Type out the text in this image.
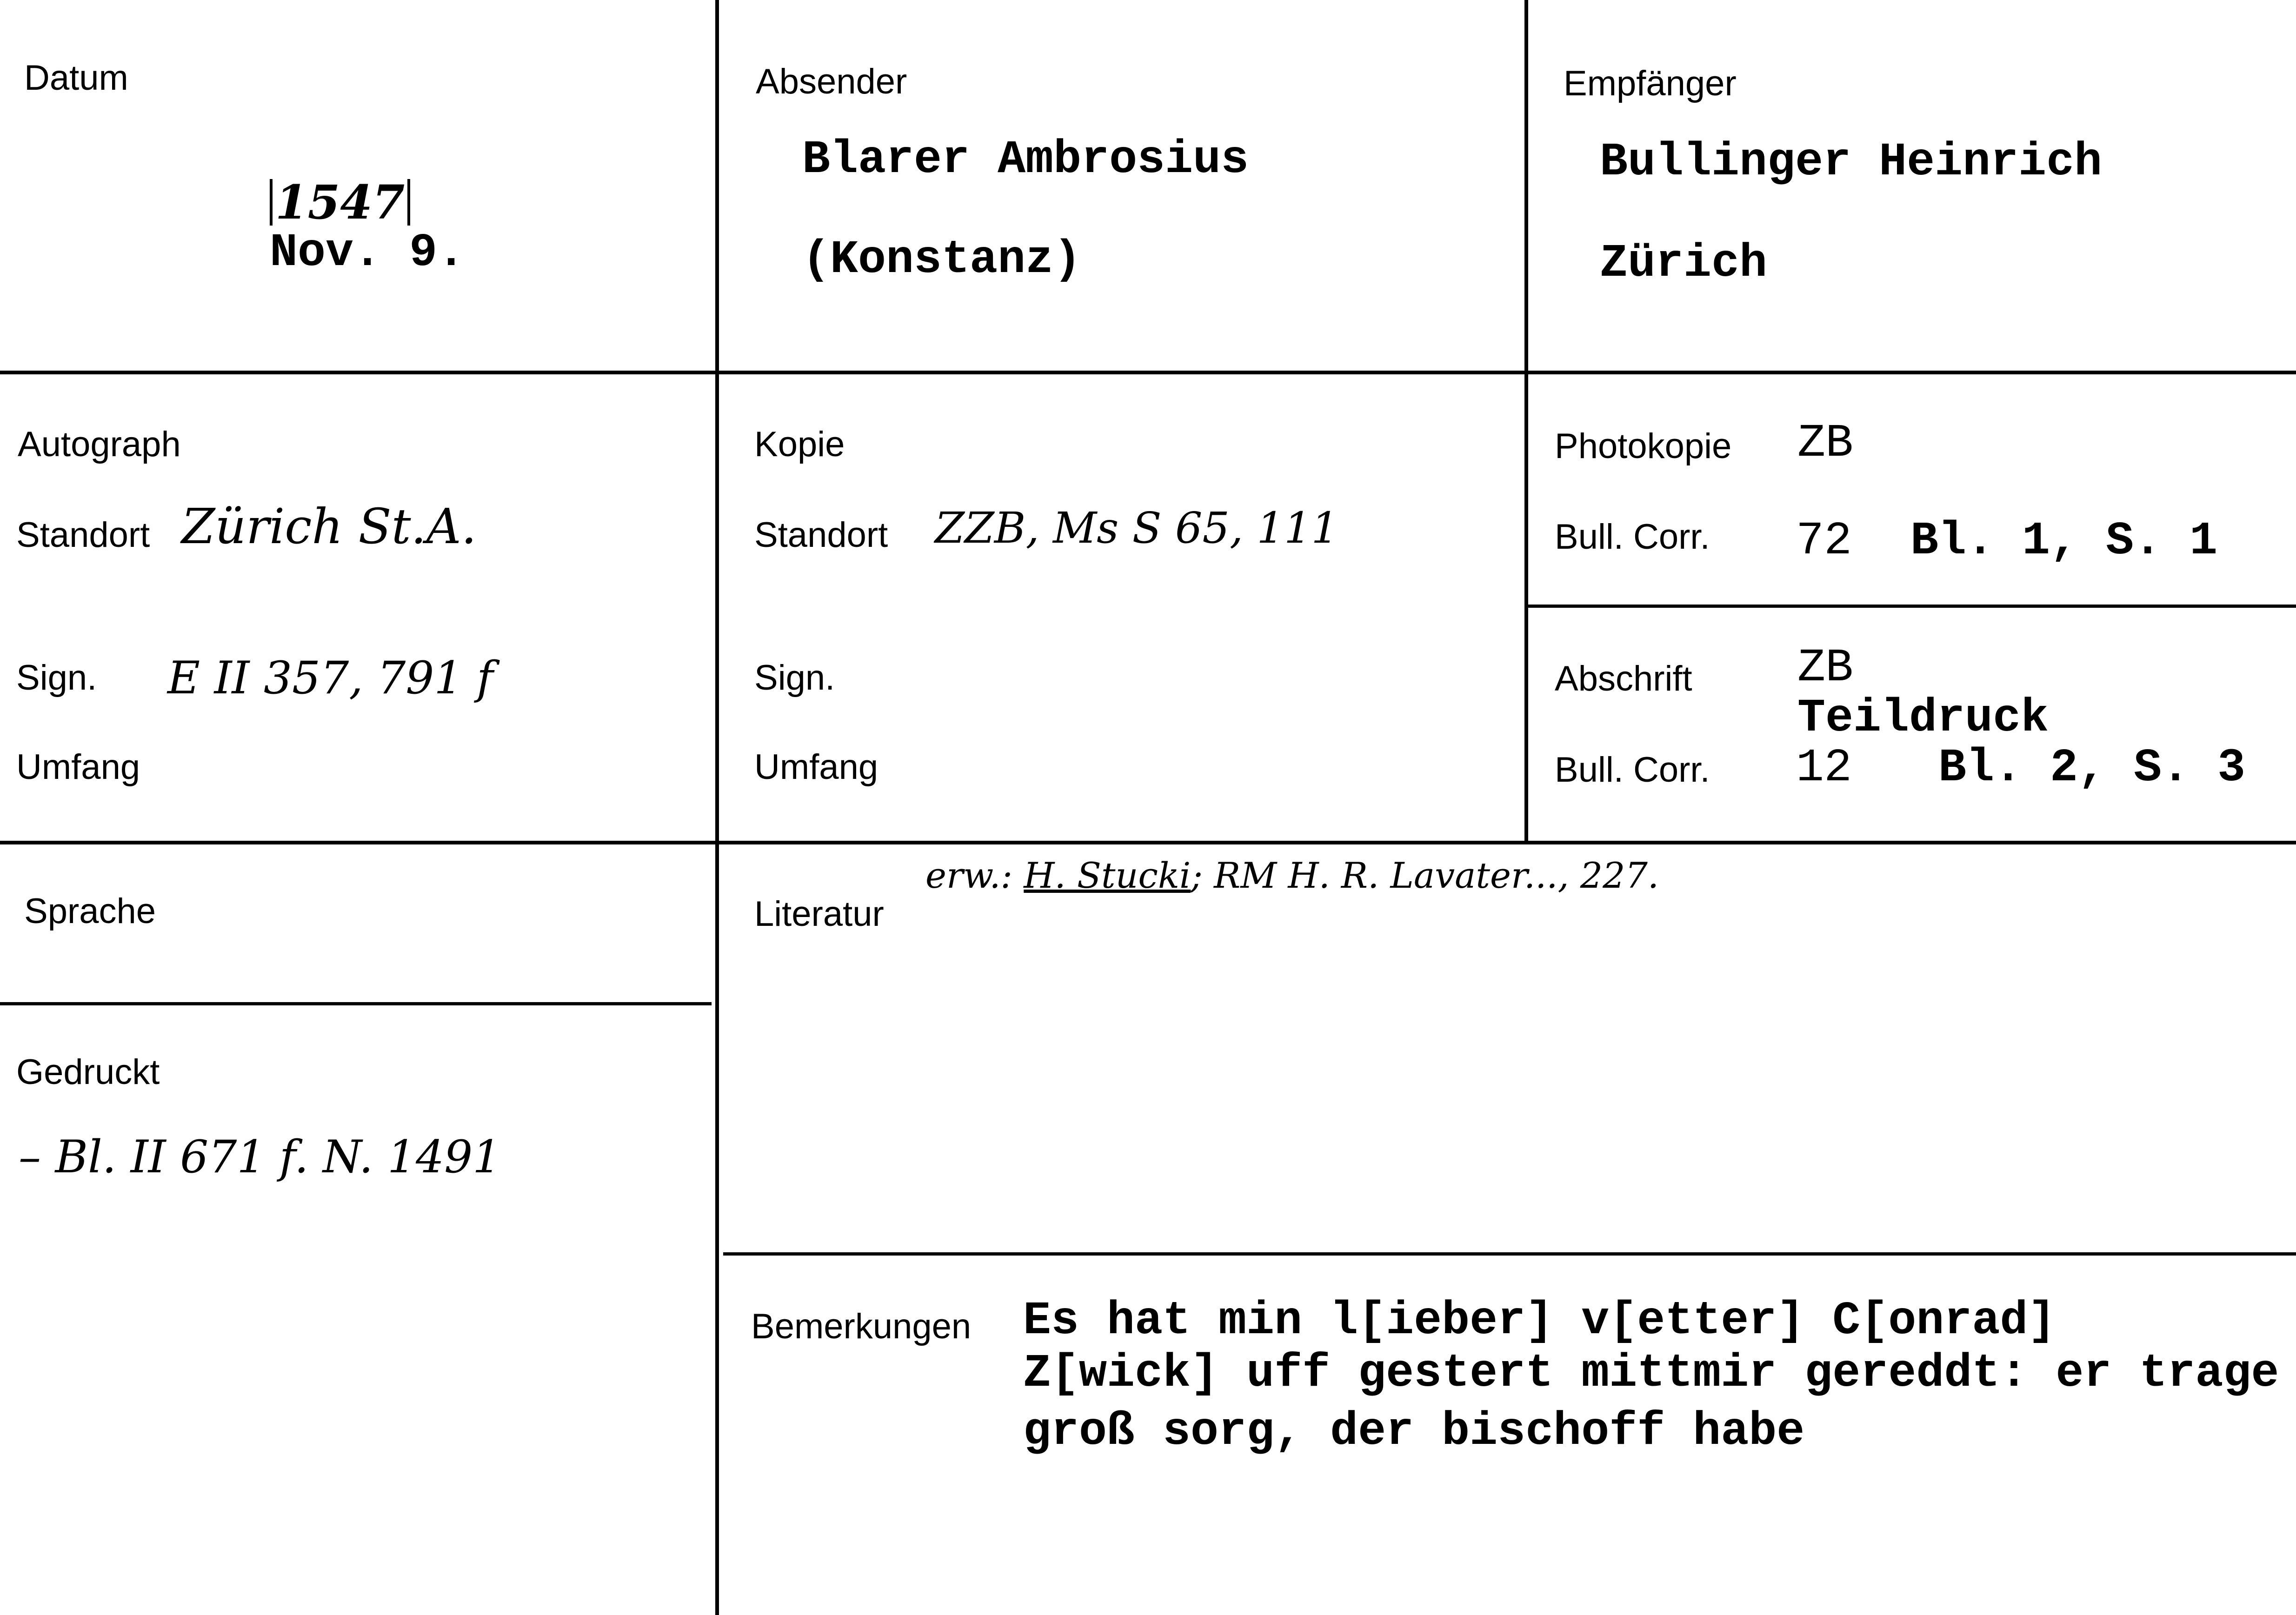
Datum

1547
Nov. 9.

Absender
Blarer Ambrosius
(Konstanz)
Empfänger
Bullinger Heinrich
Zürich
Autograph
Standort Zürich St.A.
Sign. E II 357, 791 f
Umfang
Kopie
Standort ZZB, Ms S 65, 111
Sign.
Umfang
Photokopie ZB
Bull. Corr. 72 Bl. 1, S. 1
Abschrift ZB
Teildruck
Bull. Corr. 12 Bl. 2, S. 3
Sprache	Literatur
erw.: H. Stucki; RM H. R. Lavater..., 227.
Gedruckt
– Bl. II 671 f. N. 1491
Bemerkungen Es hat min l[ieber] v[etter] C[onrad]
Z[wick] uff gestert mittmir gereddt: er trage
groß sorg, der bischoff habe
